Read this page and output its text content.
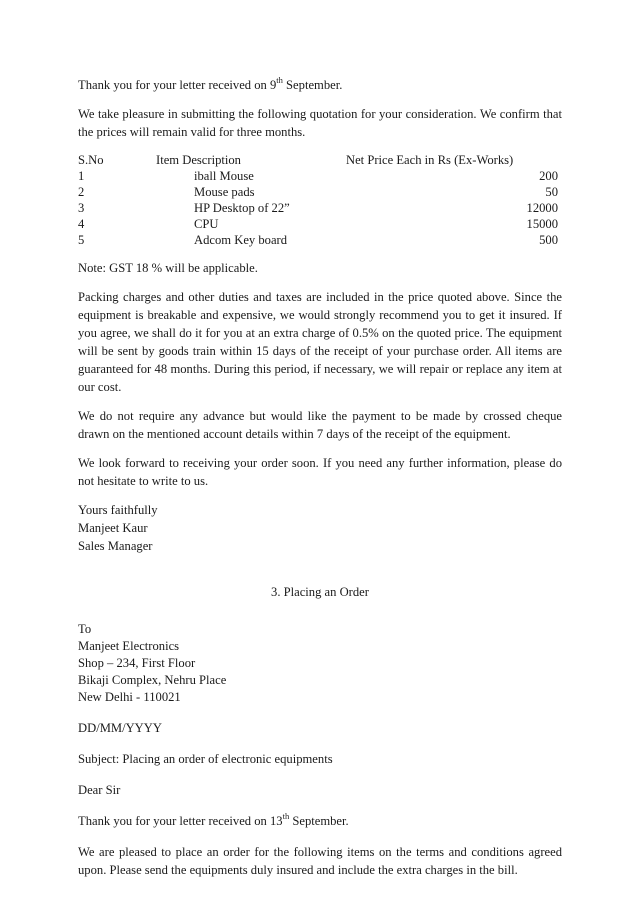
Thank you for your letter received on 9th September.

We take pleasure in submitting the following quotation for your consideration. We confirm that the prices will remain valid for three months.

S.No	Item Description	Net Price Each in Rs (Ex-Works)
1	iball Mouse	200
2	Mouse pads	50
3	HP Desktop of 22”	12000
4	CPU	15000
5	Adcom Key board	500

Note: GST 18 % will be applicable.

Packing charges and other duties and taxes are included in the price quoted above. Since the equipment is breakable and expensive, we would strongly recommend you to get it insured. If you agree, we shall do it for you at an extra charge of 0.5% on the quoted price. The equipment will be sent by goods train within 15 days of the receipt of your purchase order. All items are guaranteed for 48 months. During this period, if necessary, we will repair or replace any item at our cost.

We do not require any advance but would like the payment to be made by crossed cheque drawn on the mentioned account details within 7 days of the receipt of the equipment.

We look forward to receiving your order soon. If you need any further information, please do not hesitate to write to us.

Yours faithfully

Manjeet Kaur

Sales Manager

3. Placing an Order

To

Manjeet Electronics

Shop – 234, First Floor

Bikaji Complex, Nehru Place

New Delhi - 110021

DD/MM/YYYY

Subject: Placing an order of electronic equipments

Dear Sir

Thank you for your letter received on 13th September.

We are pleased to place an order for the following items on the terms and conditions agreed upon. Please send the equipments duly insured and include the extra charges in the bill.
